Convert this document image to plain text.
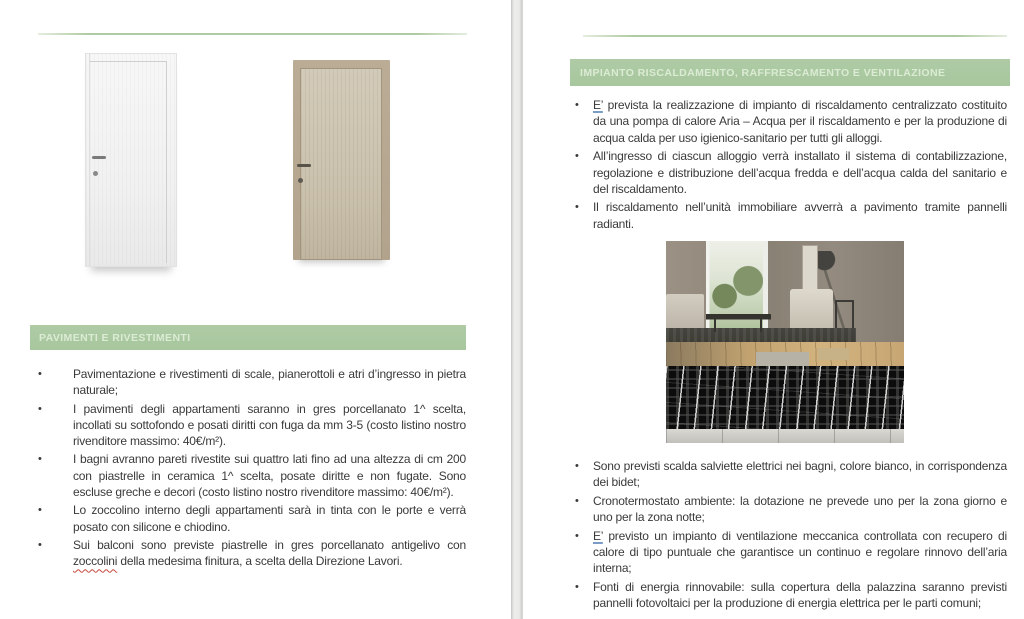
PAVIMENTI E RIVESTIMENTI
• Pavimentazione e rivestimenti di scale, pianerottoli e atri d’ingresso in pietra naturale;
• I pavimenti degli appartamenti saranno in gres porcellanato 1^ scelta, incollati su sottofondo e posati diritti con fuga da mm 3-5 (costo listino nostro rivenditore massimo: 40€/m²).
• I bagni avranno pareti rivestite sui quattro lati fino ad una altezza di cm 200 con piastrelle in ceramica 1^ scelta, posate diritte e non fugate. Sono escluse greche e decori (costo listino nostro rivenditore massimo: 40€/m²).
• Lo zoccolino interno degli appartamenti sarà in tinta con le porte e verrà posato con silicone e chiodino.
• Sui balconi sono previste piastrelle in gres porcellanato antigelivo con zoccolini della medesima finitura, a scelta della Direzione Lavori.
IMPIANTO RISCALDAMENTO, RAFFRESCAMENTO E VENTILAZIONE
• E’ prevista la realizzazione di impianto di riscaldamento centralizzato costituito da una pompa di calore Aria – Acqua per il riscaldamento e per la produzione di acqua calda per uso igienico-sanitario per tutti gli alloggi.
• All’ingresso di ciascun alloggio verrà installato il sistema di contabilizzazione, regolazione e distribuzione dell’acqua fredda e dell’acqua calda del sanitario e del riscaldamento.
• Il riscaldamento nell’unità immobiliare avverrà a pavimento tramite pannelli radianti.
• Sono previsti scalda salviette elettrici nei bagni, colore bianco, in corrispondenza dei bidet;
• Cronotermostato ambiente: la dotazione ne prevede uno per la zona giorno e uno per la zona notte;
• E’ previsto un impianto di ventilazione meccanica controllata con recupero di calore di tipo puntuale che garantisce un continuo e regolare rinnovo dell’aria interna;
• Fonti di energia rinnovabile: sulla copertura della palazzina saranno previsti pannelli fotovoltaici per la produzione di energia elettrica per le parti comuni;
